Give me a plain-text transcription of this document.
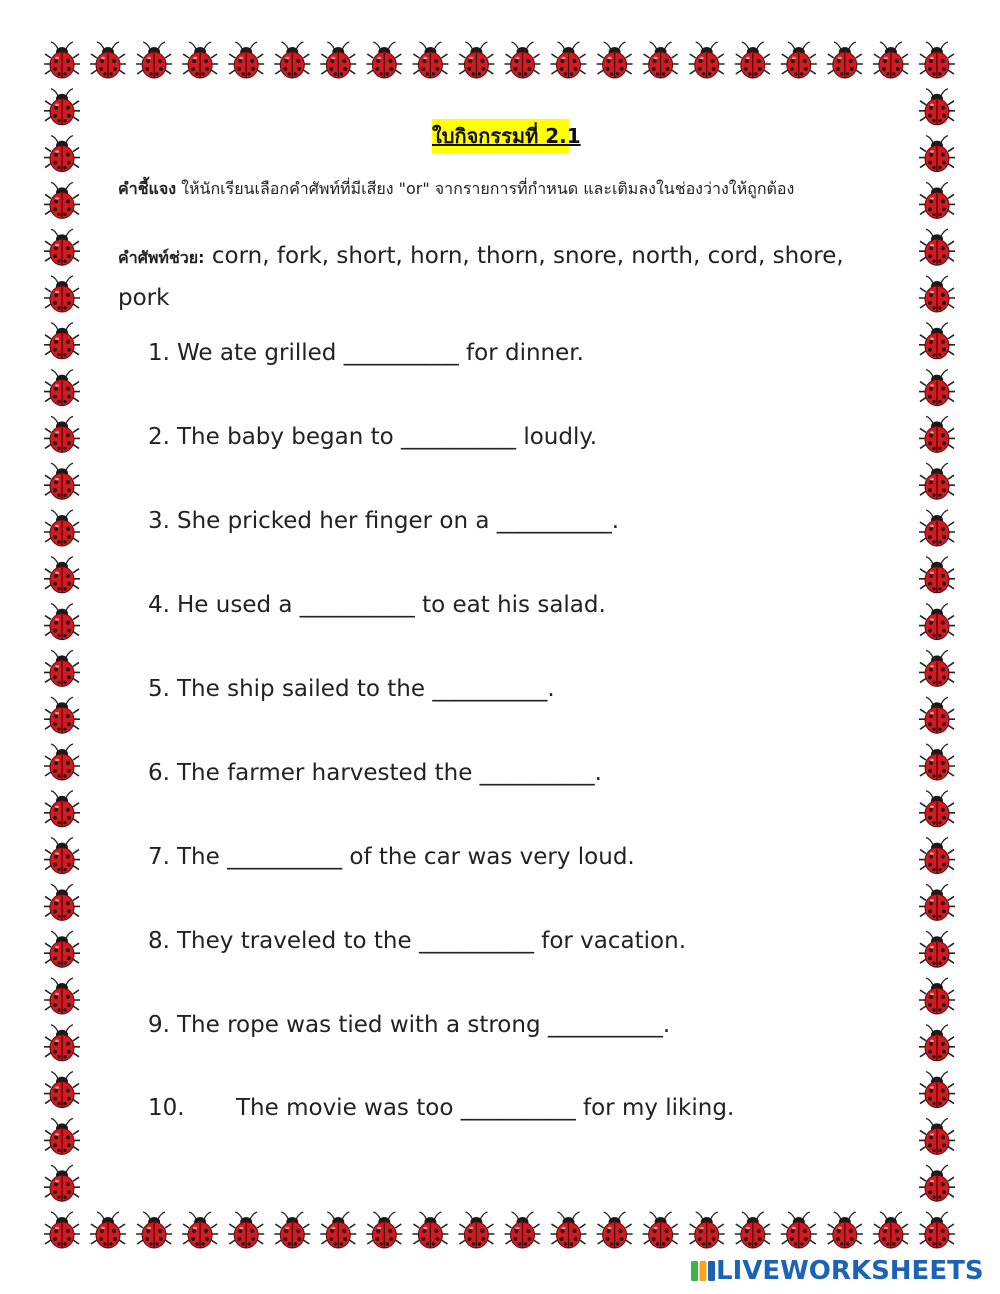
ใบกิจกรรมที่ 2.1
คำชี้แจง ให้นักเรียนเลือกคำศัพท์ที่มีเสียง "or" จากรายการที่กำหนด และเติมลงในช่องว่างให้ถูกต้อง
คำศัพท์ช่วย: corn, fork, short, horn, thorn, snore, north, cord, shore, pork
1. We ate grilled __________ for dinner.
2. The baby began to __________ loudly.
3. She pricked her finger on a __________.
4. He used a __________ to eat his salad.
5. The ship sailed to the __________.
6. The farmer harvested the __________.
7. The __________ of the car was very loud.
8. They traveled to the __________ for vacation.
9. The rope was tied with a strong __________.
10. The movie was too __________ for my liking.
LIVEWORKSHEETS
